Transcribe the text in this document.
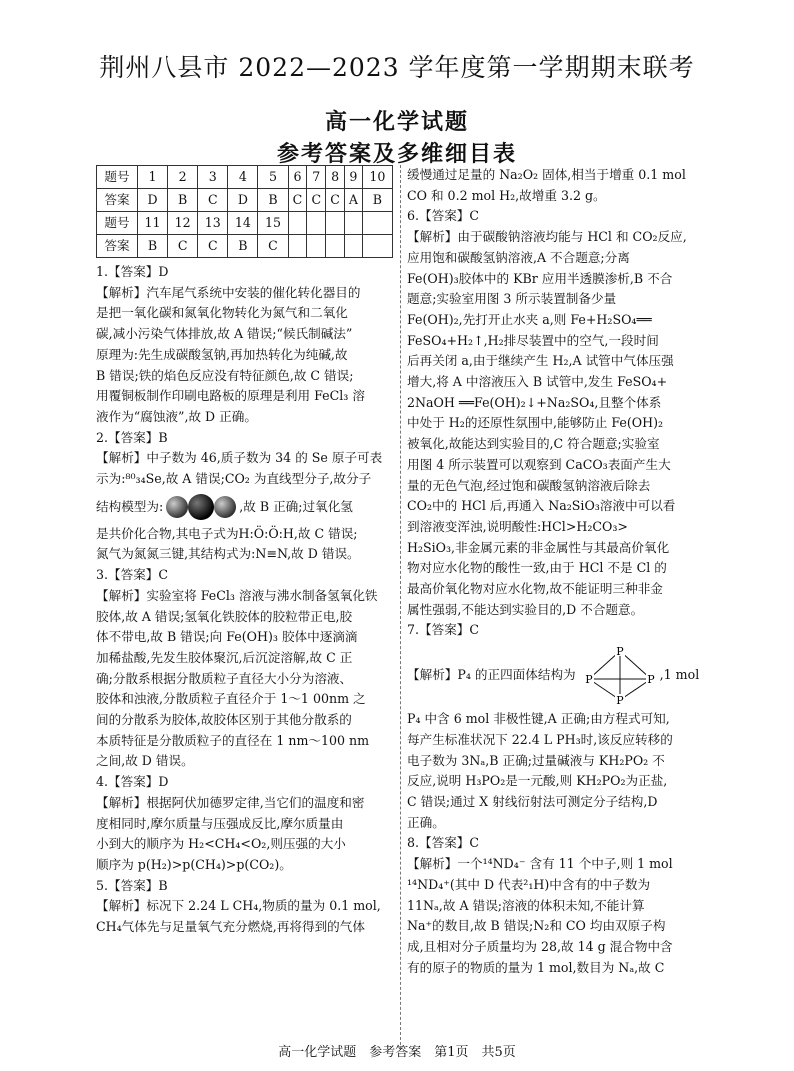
荆州八县市 2022—2023 学年度第一学期期末联考
高一化学试题
参考答案及多维细目表
题号	1	2	3	4	5	6	7	8	9	10
答案	D	B	C	D	B	C	C	C	A	B
题号	11	12	13	14	15					
答案	B	C	C	B	C					

1.【答案】D

【解析】汽车尾气系统中安装的催化转化器目的

是把一氧化碳和氮氧化物转化为氮气和二氧化

碳,减小污染气体排放,故 A 错误;“候氏制碱法”

原理为:先生成碳酸氢钠,再加热转化为纯碱,故

B 错误;铁的焰色反应没有特征颜色,故 C 错误;

用覆铜板制作印刷电路板的原理是利用 FeCl₃ 溶

液作为“腐蚀液”,故 D 正确。

2.【答案】B

【解析】中子数为 46,质子数为 34 的 Se 原子可表

示为:⁸⁰₃₄Se,故 A 错误;CO₂ 为直线型分子,故分子

结构模型为:	,故 B 正确;过氧化氢

是共价化合物,其电子式为H:Ö:Ö:H,故 C 错误;

氮气为氮氮三键,其结构式为:N≡N,故 D 错误。

3.【答案】C

【解析】实验室将 FeCl₃ 溶液与沸水制备氢氧化铁

胶体,故 A 错误;氢氧化铁胶体的胶粒带正电,胶

体不带电,故 B 错误;向 Fe(OH)₃ 胶体中逐滴滴

加稀盐酸,先发生胶体聚沉,后沉淀溶解,故 C 正

确;分散系根据分散质粒子直径大小分为溶液、

胶体和浊液,分散质粒子直径介于 1～1 00nm 之

间的分散系为胶体,故胶体区别于其他分散系的

本质特征是分散质粒子的直径在 1 nm～100 nm

之间,故 D 错误。

4.【答案】D

【解析】根据阿伏加德罗定律,当它们的温度和密

度相同时,摩尔质量与压强成反比,摩尔质量由

小到大的顺序为 H₂<CH₄<O₂,则压强的大小

顺序为 p(H₂)>p(CH₄)>p(CO₂)。

5.【答案】B

【解析】标况下 2.24 L CH₄,物质的量为 0.1 mol,

CH₄气体先与足量氧气充分燃烧,再将得到的气体

缓慢通过足量的 Na₂O₂ 固体,相当于增重 0.1 mol

CO 和 0.2 mol H₂,故增重 3.2 g。

6.【答案】C

【解析】由于碳酸钠溶液均能与 HCl 和 CO₂反应,

应用饱和碳酸氢钠溶液,A 不合题意;分离

Fe(OH)₃胶体中的 KBr 应用半透膜渗析,B 不合

题意;实验室用图 3 所示装置制备少量

Fe(OH)₂,先打开止水夹 a,则 Fe+H₂SO₄══

FeSO₄+H₂↑,H₂排尽装置中的空气,一段时间

后再关闭 a,由于继续产生 H₂,A 试管中气体压强

增大,将 A 中溶液压入 B 试管中,发生 FeSO₄+

2NaOH ══Fe(OH)₂↓+Na₂SO₄,且整个体系

中处于 H₂的还原性氛围中,能够防止 Fe(OH)₂

被氧化,故能达到实验目的,C 符合题意;实验室

用图 4 所示装置可以观察到 CaCO₃表面产生大

量的无色气泡,经过饱和碳酸氢钠溶液后除去

CO₂中的 HCl 后,再通入 Na₂SiO₃溶液中可以看

到溶液变浑浊,说明酸性:HCl>H₂CO₃>

H₂SiO₃,非金属元素的非金属性与其最高价氧化

物对应水化物的酸性一致,由于 HCl 不是 Cl 的

最高价氧化物对应水化物,故不能证明三种非金

属性强弱,不能达到实验目的,D 不合题意。

7.【答案】C

【解析】P₄ 的正四面体结构为
P
P	P
P
,1 mol

P₄ 中含 6 mol 非极性键,A 正确;由方程式可知,

每产生标准状况下 22.4 L PH₃时,该反应转移的

电子数为 3Nₐ,B 正确;过量碱液与 KH₂PO₂ 不

反应,说明 H₃PO₂是一元酸,则 KH₂PO₂为正盐,

C 错误;通过 X 射线衍射法可测定分子结构,D

正确。

8.【答案】C

【解析】一个¹⁴ND₄⁻ 含有 11 个中子,则 1 mol

¹⁴ND₄⁺(其中 D 代表²₁H)中含有的中子数为

11Nₐ,故 A 错误;溶液的体积未知,不能计算

Na⁺的数目,故 B 错误;N₂和 CO 均由双原子构

成,且相对分子质量均为 28,故 14 g 混合物中含

有的原子的物质的量为 1 mol,数目为 Nₐ,故 C

高一化学试题　参考答案　第1页　共5页
